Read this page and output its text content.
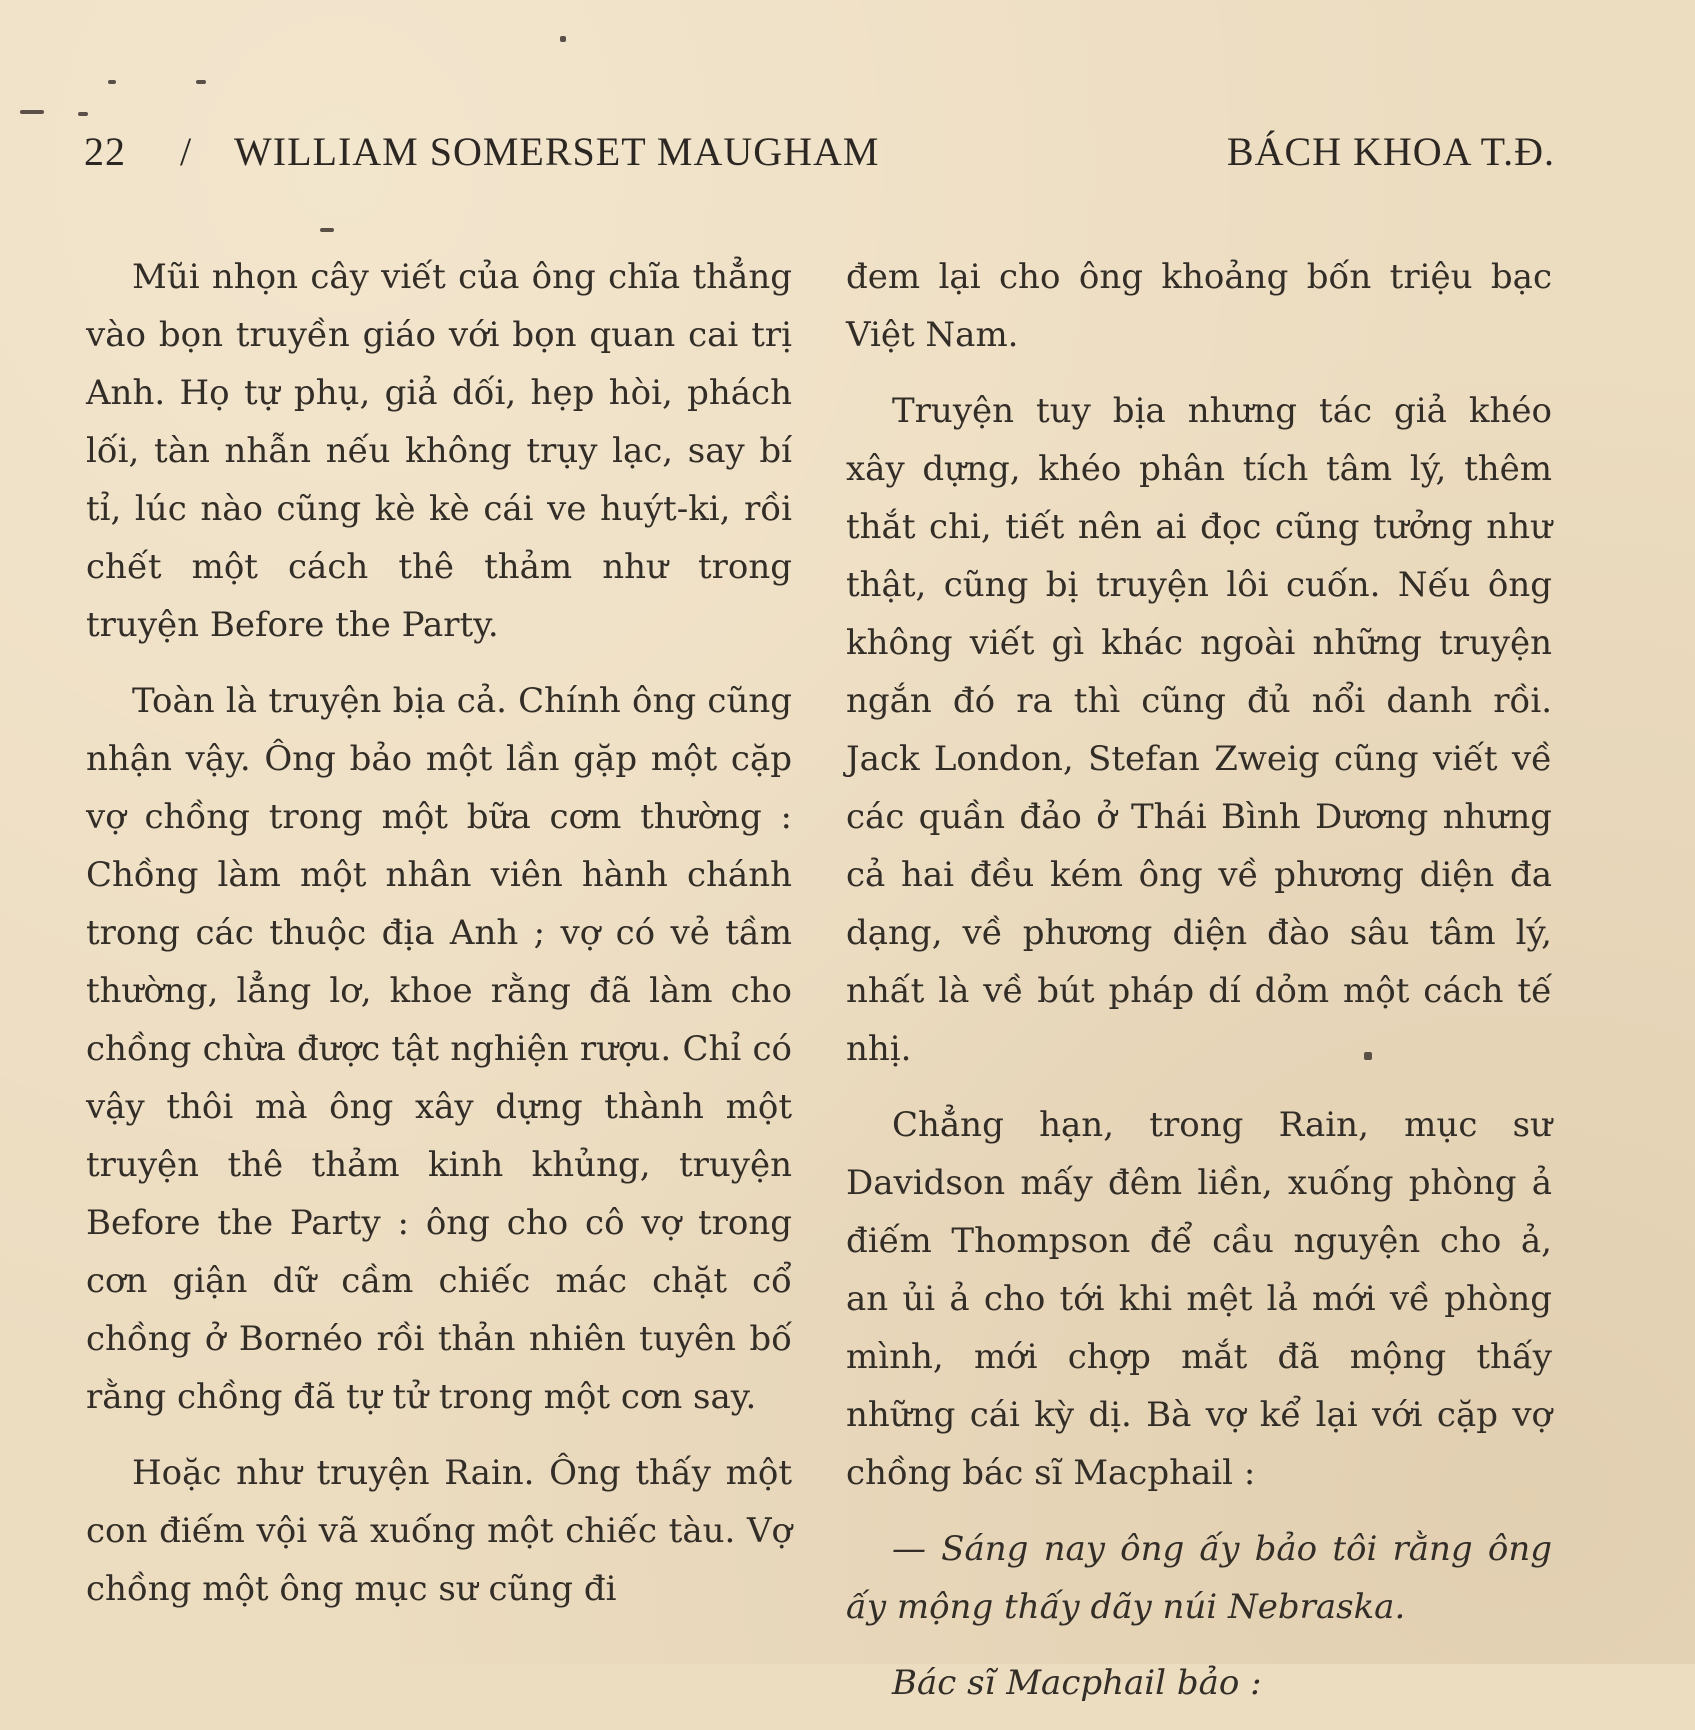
22 / WILLIAM SOMERSET MAUGHAM	BÁCH KHOA T.Đ.

Mũi nhọn cây viết của ông chĩa thẳng vào bọn truyền giáo với bọn quan cai trị Anh. Họ tự phụ, giả dối, hẹp hòi, phách lối, tàn nhẫn nếu không trụy lạc, say bí tỉ, lúc nào cũng kè kè cái ve huýt-ki, rồi chết một cách thê thảm như trong truyện Before the Party.

Toàn là truyện bịa cả. Chính ông cũng nhận vậy. Ông bảo một lần gặp một cặp vợ chồng trong một bữa cơm thường : Chồng làm một nhân viên hành chánh trong các thuộc địa Anh ; vợ có vẻ tầm thường, lẳng lơ, khoe rằng đã làm cho chồng chừa được tật nghiện rượu. Chỉ có vậy thôi mà ông xây dựng thành một truyện thê thảm kinh khủng, truyện Before the Party : ông cho cô vợ trong cơn giận dữ cầm chiếc mác chặt cổ chồng ở Bornéo rồi thản nhiên tuyên bố rằng chồng đã tự tử trong một cơn say.

Hoặc như truyện Rain. Ông thấy một con điếm vội vã xuống một chiếc tàu. Vợ chồng một ông mục sư cũng đi

đem lại cho ông khoảng bốn triệu bạc Việt Nam.

Truyện tuy bịa nhưng tác giả khéo xây dựng, khéo phân tích tâm lý, thêm thắt chi, tiết nên ai đọc cũng tưởng như thật, cũng bị truyện lôi cuốn. Nếu ông không viết gì khác ngoài những truyện ngắn đó ra thì cũng đủ nổi danh rồi. Jack London, Stefan Zweig cũng viết về các quần đảo ở Thái Bình Dương nhưng cả hai đều kém ông về phương diện đa dạng, về phương diện đào sâu tâm lý, nhất là về bút pháp dí dỏm một cách tế nhị.

Chẳng hạn, trong Rain, mục sư Davidson mấy đêm liền, xuống phòng ả điếm Thompson để cầu nguyện cho ả, an ủi ả cho tới khi mệt lả mới về phòng mình, mới chợp mắt đã mộng thấy những cái kỳ dị. Bà vợ kể lại với cặp vợ chồng bác sĩ Macphail :

— Sáng nay ông ấy bảo tôi rằng ông ấy mộng thấy dãy núi Nebraska.

Bác sĩ Macphail bảo :
